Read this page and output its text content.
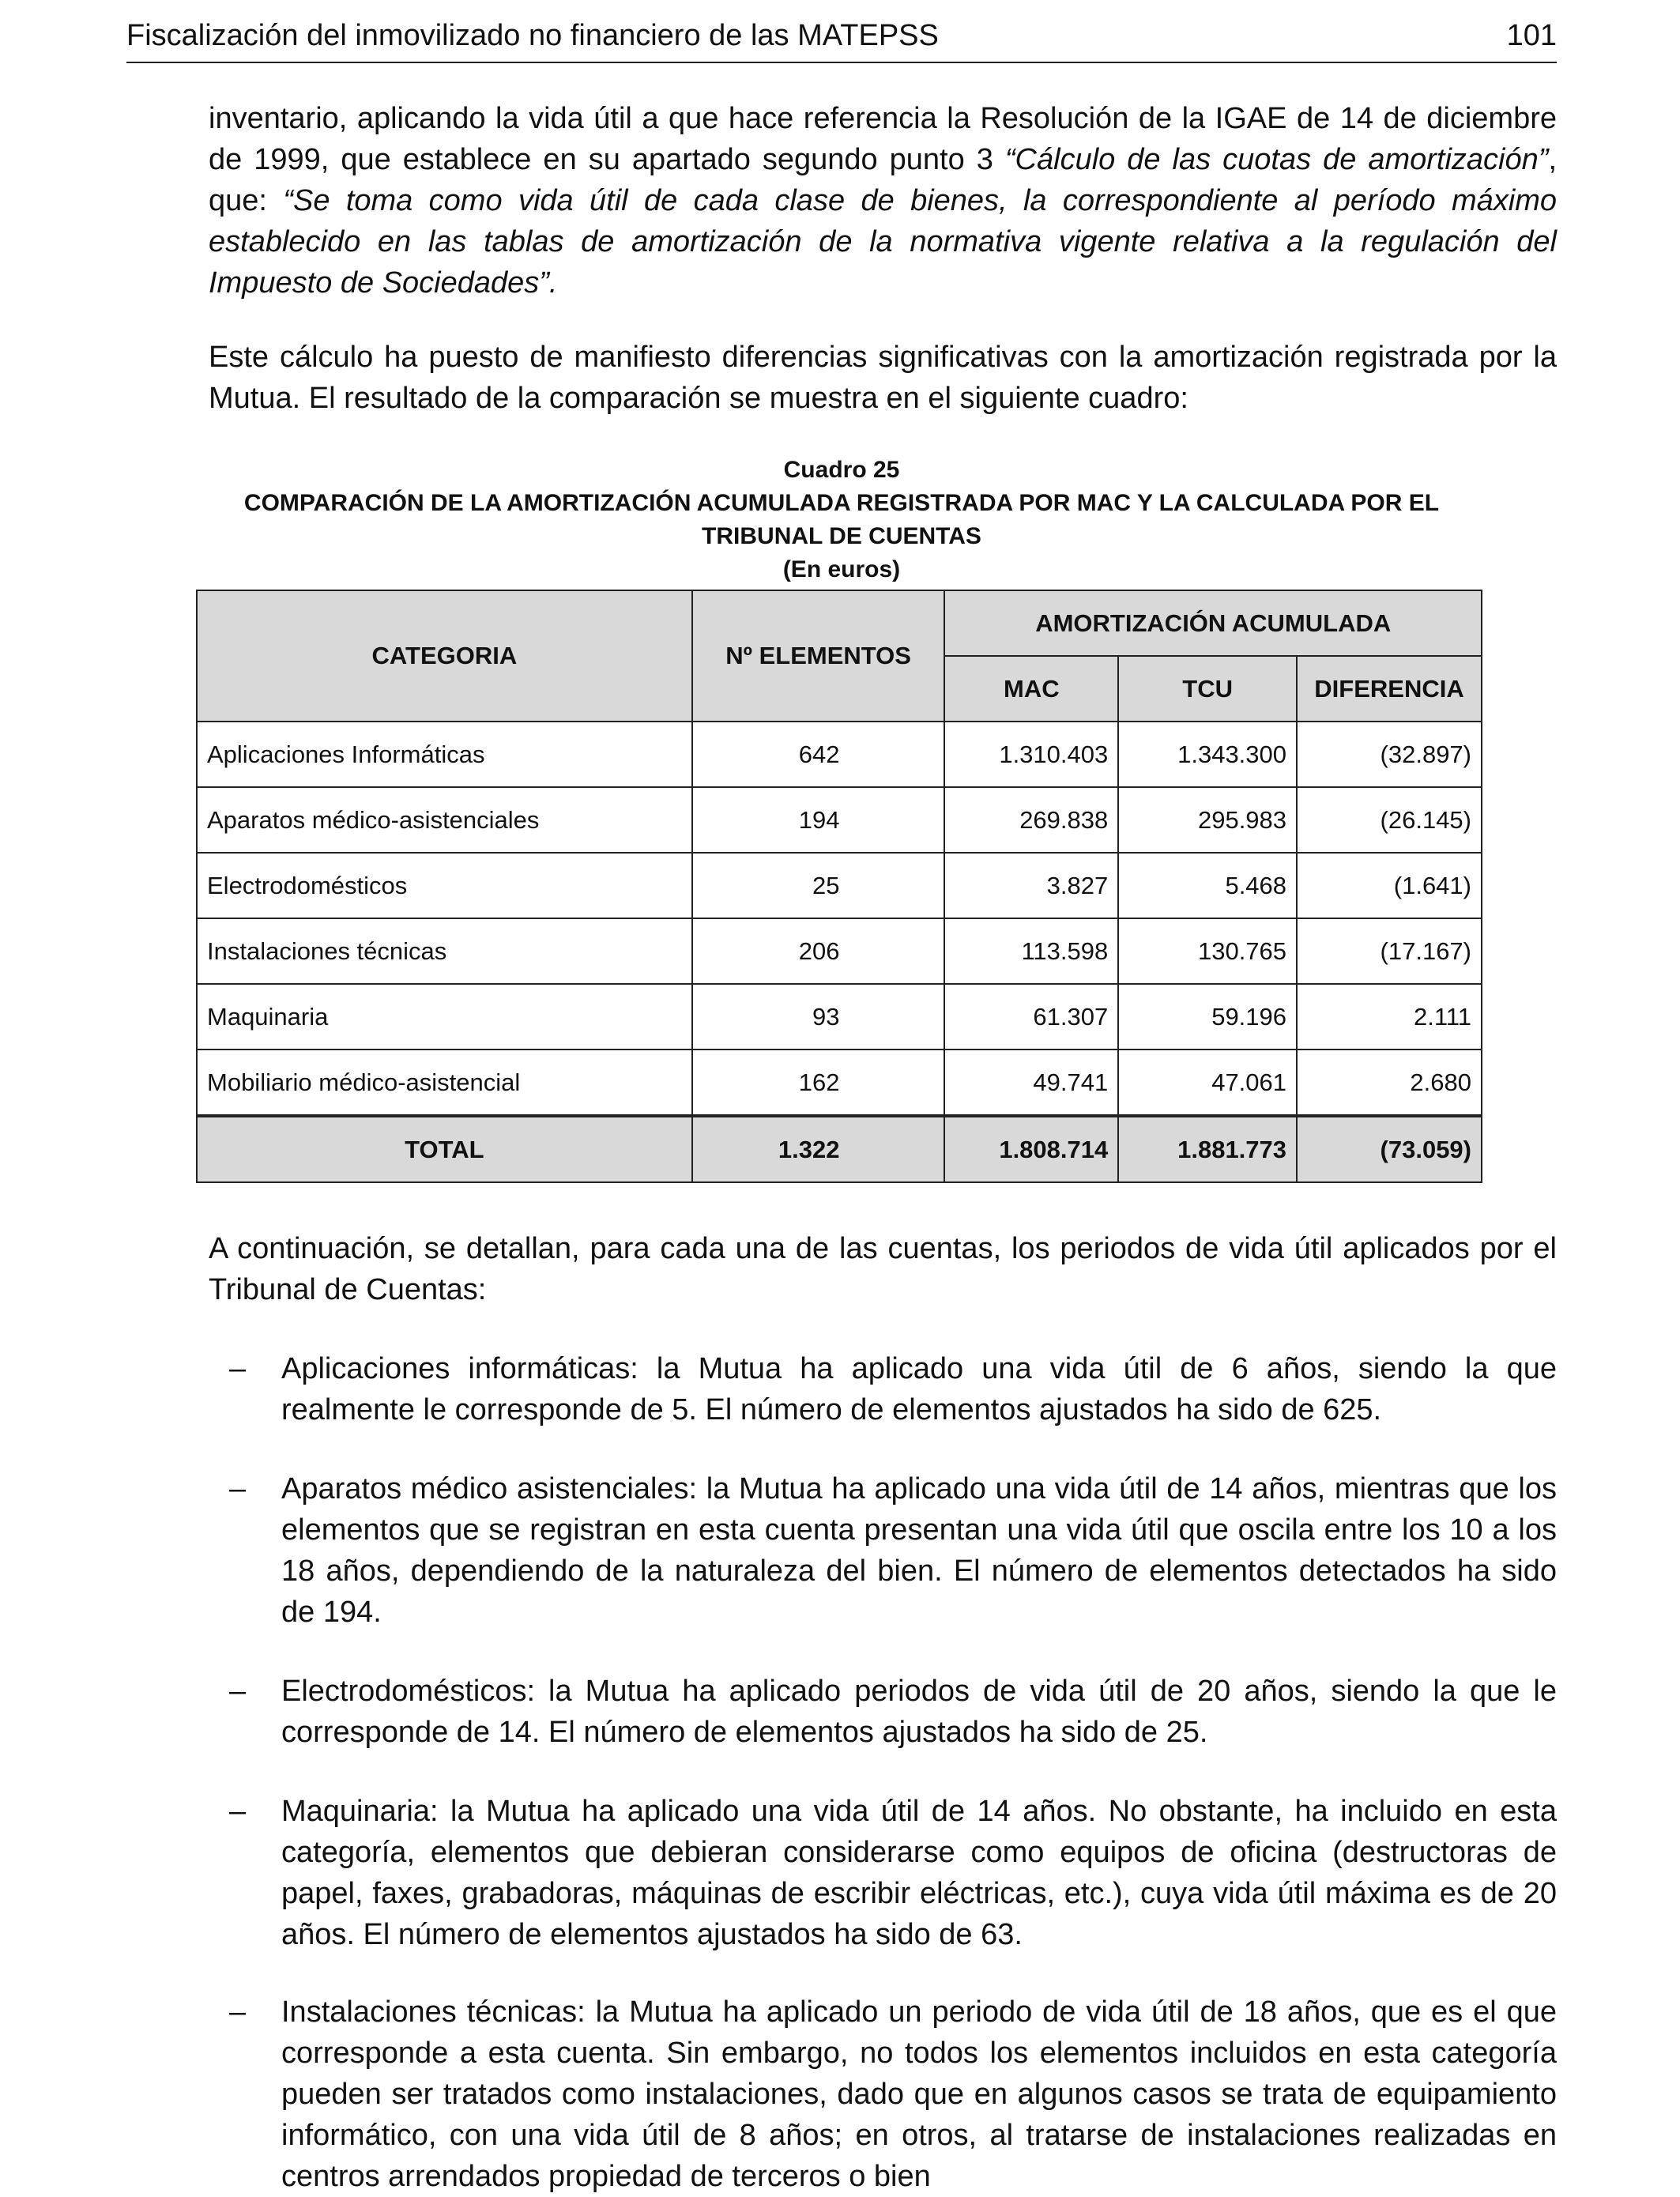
Fiscalización del inmovilizado no financiero de las MATEPSS	101

inventario, aplicando la vida útil a que hace referencia la Resolución de la IGAE de 14 de diciembre de 1999, que establece en su apartado segundo punto 3 “Cálculo de las cuotas de amortización”, que: “Se toma como vida útil de cada clase de bienes, la correspondiente al período máximo establecido en las tablas de amortización de la normativa vigente relativa a la regulación del Impuesto de Sociedades”.

Este cálculo ha puesto de manifiesto diferencias significativas con la amortización registrada por la Mutua. El resultado de la comparación se muestra en el siguiente cuadro:

Cuadro 25
COMPARACIÓN DE LA AMORTIZACIÓN ACUMULADA REGISTRADA POR MAC Y LA CALCULADA POR EL
TRIBUNAL DE CUENTAS
(En euros)
CATEGORIA	Nº ELEMENTOS	AMORTIZACIÓN ACUMULADA		
		MAC	TCU	DIFERENCIA
Aplicaciones Informáticas	642	1.310.403	1.343.300	(32.897)
Aparatos médico-asistenciales	194	269.838	295.983	(26.145)
Electrodomésticos	25	3.827	5.468	(1.641)
Instalaciones técnicas	206	113.598	130.765	(17.167)
Maquinaria	93	61.307	59.196	2.111
Mobiliario médico-asistencial	162	49.741	47.061	2.680
TOTAL	1.322	1.808.714	1.881.773	(73.059)

A continuación, se detallan, para cada una de las cuentas, los periodos de vida útil aplicados por el Tribunal de Cuentas:

– Aplicaciones informáticas: la Mutua ha aplicado una vida útil de 6 años, siendo la que realmente le corresponde de 5. El número de elementos ajustados ha sido de 625.

– Aparatos médico asistenciales: la Mutua ha aplicado una vida útil de 14 años, mientras que los elementos que se registran en esta cuenta presentan una vida útil que oscila entre los 10 a los 18 años, dependiendo de la naturaleza del bien. El número de elementos detectados ha sido de 194.

– Electrodomésticos: la Mutua ha aplicado periodos de vida útil de 20 años, siendo la que le corresponde de 14. El número de elementos ajustados ha sido de 25.

– Maquinaria: la Mutua ha aplicado una vida útil de 14 años. No obstante, ha incluido en esta categoría, elementos que debieran considerarse como equipos de oficina (destructoras de papel, faxes, grabadoras, máquinas de escribir eléctricas, etc.), cuya vida útil máxima es de 20 años. El número de elementos ajustados ha sido de 63.

– Instalaciones técnicas: la Mutua ha aplicado un periodo de vida útil de 18 años, que es el que corresponde a esta cuenta. Sin embargo, no todos los elementos incluidos en esta categoría pueden ser tratados como instalaciones, dado que en algunos casos se trata de equipamiento informático, con una vida útil de 8 años; en otros, al tratarse de instalaciones realizadas en centros arrendados propiedad de terceros o bien
